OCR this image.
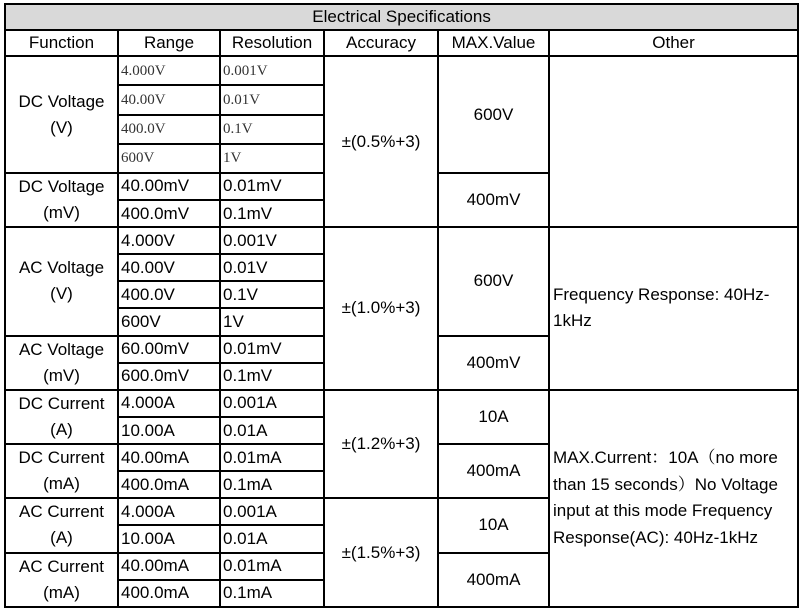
Electrical Specifications					
Function	Range	Resolution	Accuracy	MAX.Value	Other
DC Voltage (V)	4.000V	0.001V	±(0.5%+3)	600V	
	40.00V	0.01V			
	400.0V	0.1V			
	600V	1V			
DC Voltage (mV)	40.00mV	0.01mV		400mV	
	400.0mV	0.1mV			
AC Voltage (V)	4.000V	0.001V	±(1.0%+3)	600V	Frequency Response: 40Hz-1kHz
	40.00V	0.01V			
	400.0V	0.1V			
	600V	1V			
AC Voltage (mV)	60.00mV	0.01mV		400mV	
	600.0mV	0.1mV			
DC Current (A)	4.000A	0.001A	±(1.2%+3)	10A	MAX.Current：10A（no more than 15 seconds）No Voltage input at this mode Frequency Response(AC): 40Hz-1kHz
	10.00A	0.01A			
DC Current (mA)	40.00mA	0.01mA		400mA	
	400.0mA	0.1mA			
AC Current (A)	4.000A	0.001A	±(1.5%+3)	10A	
	10.00A	0.01A			
AC Current (mA)	40.00mA	0.01mA		400mA	
	400.0mA	0.1mA			
